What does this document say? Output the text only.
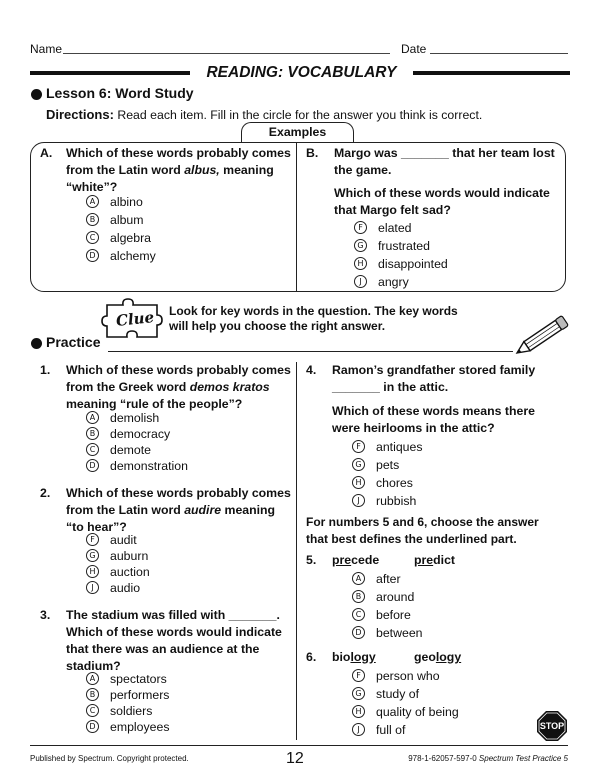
Name	Date
READING: VOCABULARY
Lesson 6: Word Study
Directions: Read each item. Fill in the circle for the answer you think is correct.
Examples
A. Which of these words probably comes
from the Latin word albus, meaning
“white”?
A	albino
B	album
C	algebra
D alchemy
B. Margo was _______ that her team lost
the game.
Which of these words would indicate
that Margo felt sad?
F	elated
G frustrated
H disappointed
J	angry
Clue Look for key words in the question. The key words
will help you choose the right answer.
Practice
1. Which of these words probably comes
from the Greek word demos kratos
meaning “rule of the people”?
A	demolish
B	democracy
C	demote
D demonstration
2. Which of these words probably comes
from the Latin word audire meaning
“to hear”?
F	audit
G auburn
H auction
J	audio
3. The stadium was filled with _______.
Which of these words would indicate
that there was an audience at the
stadium?
A	spectators
B	performers
C	soldiers
D employees
4. Ramon’s grandfather stored family
_______ in the attic.
Which of these words means there
were heirlooms in the attic?
F	antiques
G pets
H chores
J	rubbish
For numbers 5 and 6, choose the answer
that best defines the underlined part.
5. precede	predict
A	after
B	around
C	before
D between
6. biology	geology
F	person who
G study of
H quality of being
J	full of	STOP
Published by Spectrum. Copyright protected.	12	978-1-62057-597-0 Spectrum Test Practice 5
